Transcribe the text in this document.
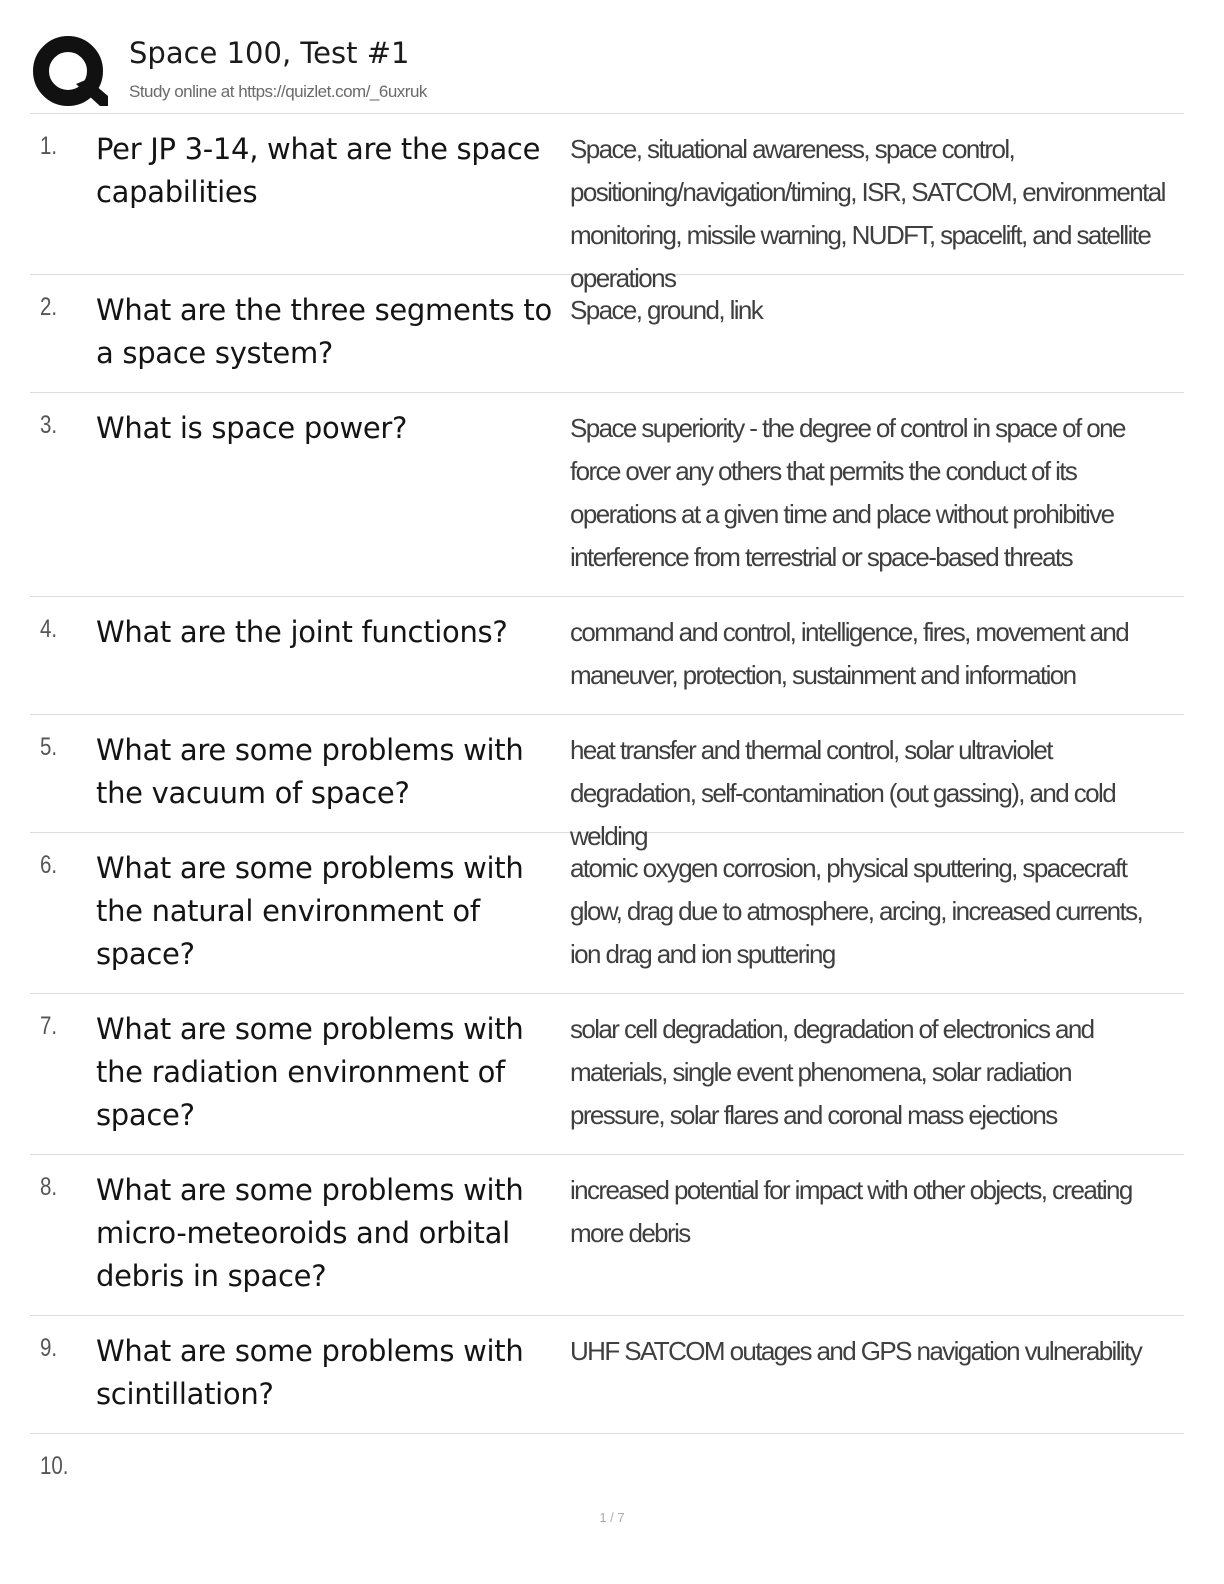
Space 100, Test #1
Study online at https://quizlet.com/_6uxruk
1. Per JP 3-14, what are the space capabilities
Space, situational awareness, space control, positioning/navigation/timing, ISR, SATCOM, environmental monitoring, missile warning, NUDFT, spacelift, and satellite operations
2. What are the three segments to a space system?
Space, ground, link
3. What is space power?	Space superiority - the degree of control in space of one force over any others that permits the conduct of its operations at a given time and place without prohibitive interference from terrestrial or space-based threats
4. What are the joint functions?	command and control, intelligence, fires, movement and maneuver, protection, sustainment and information
5. What are some problems with the vacuum of space?
heat transfer and thermal control, solar ultraviolet degradation, self-contamination (out gassing), and cold welding
6. What are some problems with the natural environment of space?
atomic oxygen corrosion, physical sputtering, spacecraft glow, drag due to atmosphere, arcing, increased currents, ion drag and ion sputtering
7. What are some problems with the radiation environment of space?
solar cell degradation, degradation of electronics and materials, single event phenomena, solar radiation pressure, solar flares and coronal mass ejections
8. What are some problems with micro-meteoroids and orbital debris in space?
increased potential for impact with other objects, creating more debris
9. What are some problems with scintillation?
UHF SATCOM outages and GPS navigation vulnerability
10.
1 / 7
